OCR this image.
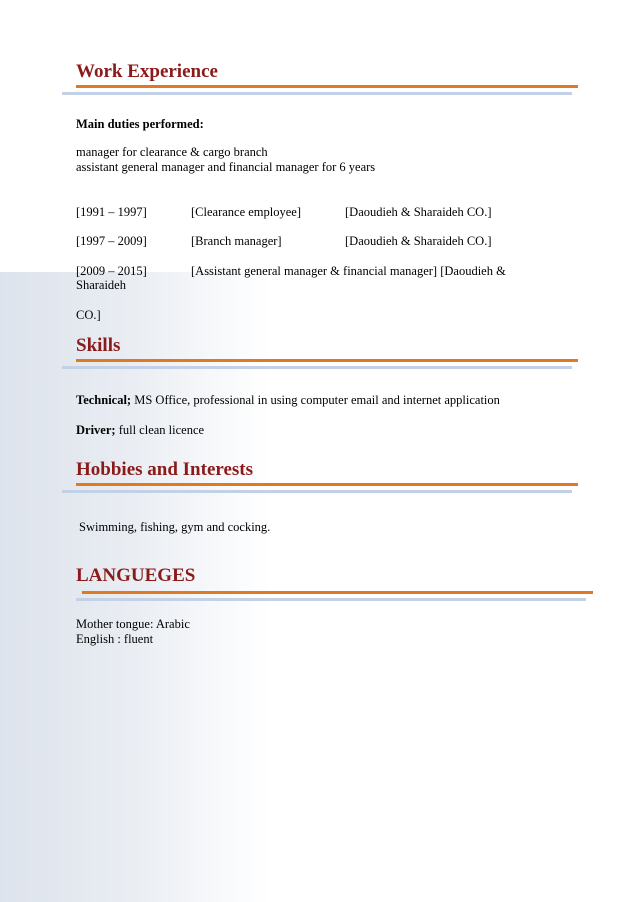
Work Experience

Main duties performed:

manager for clearance & cargo branch

assistant general manager and financial manager for 6 years

[1991 – 1997]	[Clearance employee]	[Daoudieh & Sharaideh CO.]

[1997 – 2009]	[Branch manager]	[Daoudieh & Sharaideh CO.]

[2009 – 2015]	[Assistant general manager & financial manager] [Daoudieh &

Sharaideh

CO.]

Skills

Technical; MS Office, professional in using computer email and internet application

Driver; full clean licence

Hobbies and Interests

Swimming, fishing, gym and cocking.

LANGUEGES

Mother tongue: Arabic

English : fluent
